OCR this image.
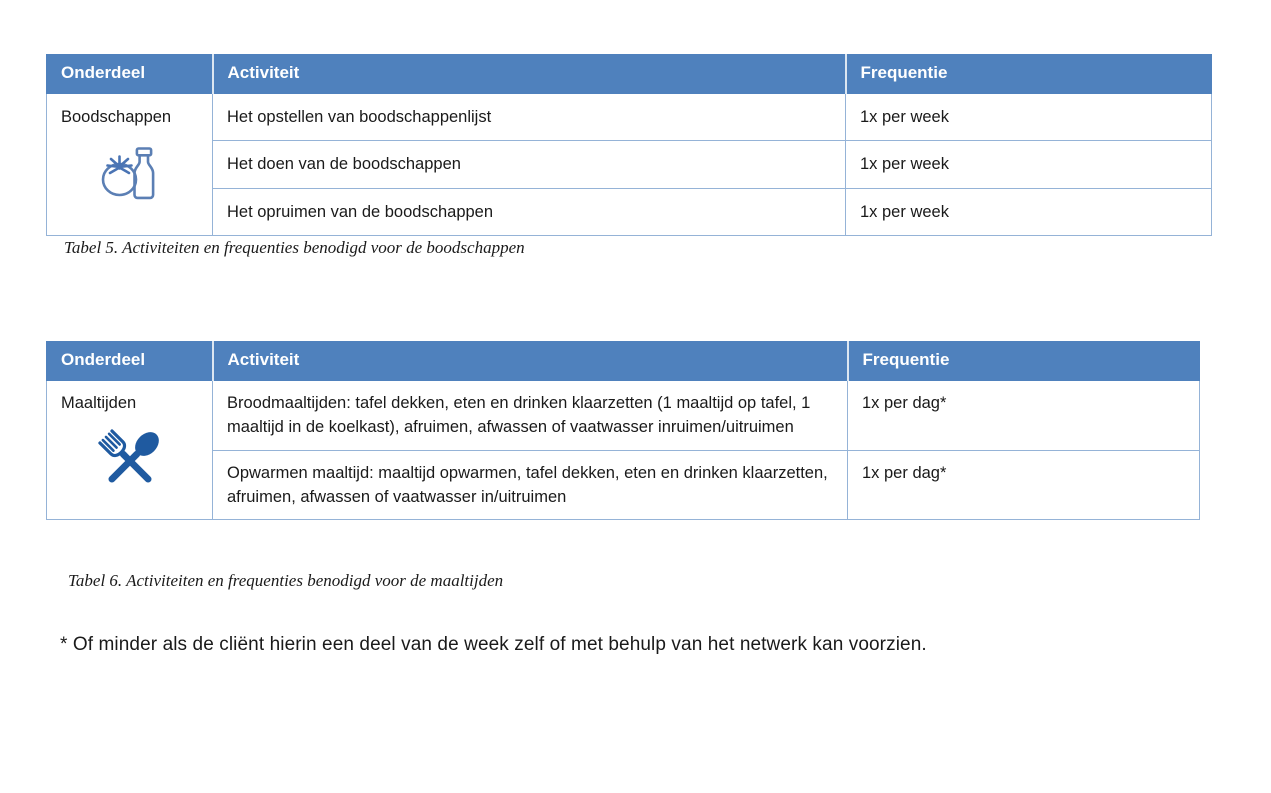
Onderdeel	Activiteit	Frequentie
Boodschappen	Het opstellen van boodschappenlijst	1x per week
	Het doen van de boodschappen	1x per week
	Het opruimen van de boodschappen	1x per week
Tabel 5. Activiteiten en frequenties benodigd voor de boodschappen
Onderdeel	Activiteit	Frequentie
Maaltijden	Broodmaaltijden: tafel dekken, eten en drinken klaarzetten (1 maaltijd op tafel, 1 maaltijd in de koelkast), afruimen, afwassen of vaatwasser inruimen/uitruimen	1x per dag*
	Opwarmen maaltijd: maaltijd opwarmen, tafel dekken, eten en drinken klaarzetten, afruimen, afwassen of vaatwasser in/uitruimen	1x per dag*
Tabel 6. Activiteiten en frequenties benodigd voor de maaltijden
* Of minder als de cliënt hierin een deel van de week zelf of met behulp van het netwerk kan voorzien.
